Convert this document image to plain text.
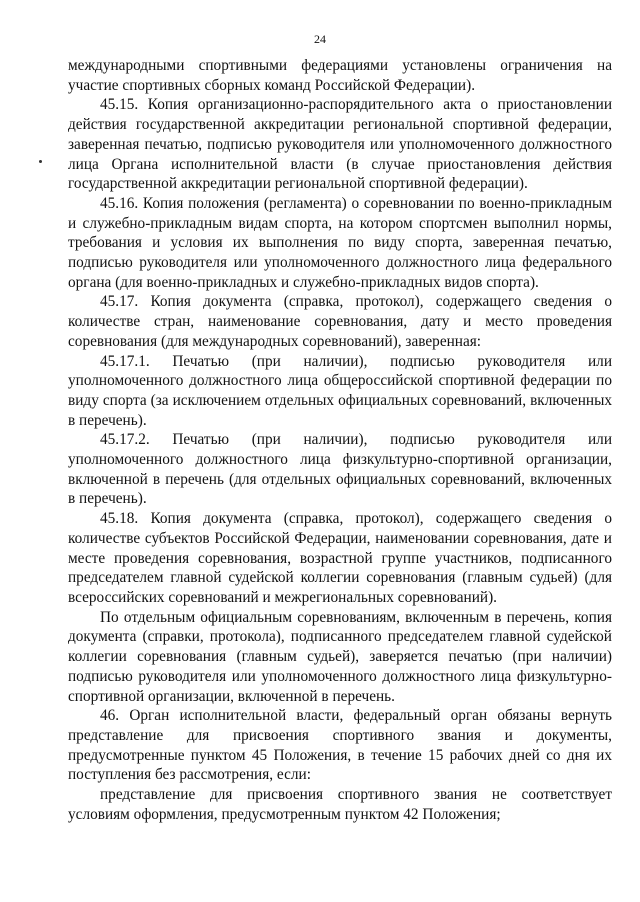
24

международными спортивными федерациями установлены ограничения на участие спортивных сборных команд Российской Федерации).

45.15. Копия организационно-распорядительного акта о приостановлении действия государственной аккредитации региональной спортивной федерации, заверенная печатью, подписью руководителя или уполномоченного должностного лица Органа исполнительной власти (в случае приостановления действия государственной аккредитации региональной спортивной федерации).

45.16. Копия положения (регламента) о соревновании по военно-прикладным и служебно-прикладным видам спорта, на котором спортсмен выполнил нормы, требования и условия их выполнения по виду спорта, заверенная печатью, подписью руководителя или уполномоченного должностного лица федерального органа (для военно-прикладных и служебно-прикладных видов спорта).

45.17. Копия документа (справка, протокол), содержащего сведения о количестве стран, наименование соревнования, дату и место проведения соревнования (для международных соревнований), заверенная:

45.17.1. Печатью (при наличии), подписью руководителя или уполномоченного должностного лица общероссийской спортивной федерации по виду спорта (за исключением отдельных официальных соревнований, включенных в перечень).

45.17.2. Печатью (при наличии), подписью руководителя или уполномоченного должностного лица физкультурно-спортивной организации, включенной в перечень (для отдельных официальных соревнований, включенных в перечень).

45.18. Копия документа (справка, протокол), содержащего сведения о количестве субъектов Российской Федерации, наименовании соревнования, дате и месте проведения соревнования, возрастной группе участников, подписанного председателем главной судейской коллегии соревнования (главным судьей) (для всероссийских соревнований и межрегиональных соревнований).

По отдельным официальным соревнованиям, включенным в перечень, копия документа (справки, протокола), подписанного председателем главной судейской коллегии соревнования (главным судьей), заверяется печатью (при наличии) подписью руководителя или уполномоченного должностного лица физкультурно-спортивной организации, включенной в перечень.

46. Орган исполнительной власти, федеральный орган обязаны вернуть представление для присвоения спортивного звания и документы, предусмотренные пунктом 45 Положения, в течение 15 рабочих дней со дня их поступления без рассмотрения, если:

представление для присвоения спортивного звания не соответствует условиям оформления, предусмотренным пунктом 42 Положения;
